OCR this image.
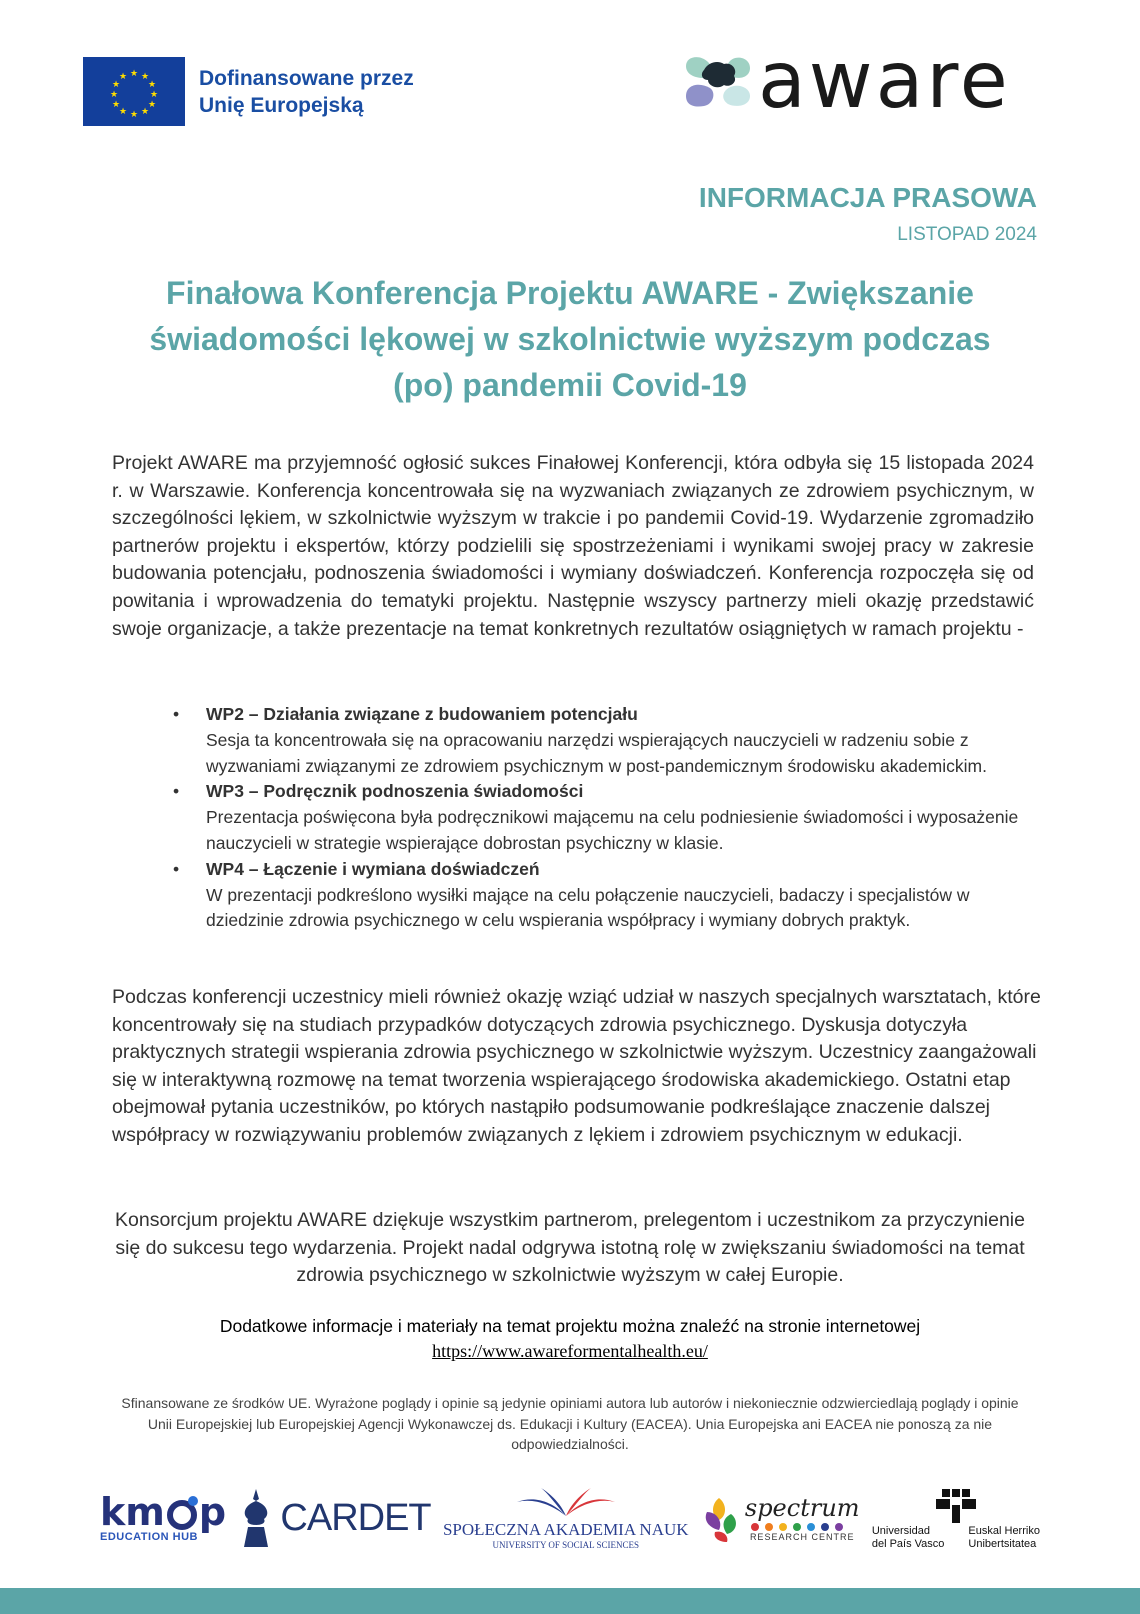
★ ★
★
★
★
★
★
★
★
★
★
★	Dofinansowane przez
Unię Europejską	aware
INFORMACJA PRASOWA
LISTOPAD 2024
Finałowa Konferencja Projektu AWARE - Zwiększanie
świadomości lękowej w szkolnictwie wyższym podczas
(po) pandemii Covid-19

Projekt AWARE ma przyjemność ogłosić sukces Finałowej Konferencji, która odbyła się 15 listopada 2024 r. w Warszawie. Konferencja koncentrowała się na wyzwaniach związanych ze zdrowiem psychicznym, w szczególności lękiem, w szkolnictwie wyższym w trakcie i po pandemii Covid-19. Wydarzenie zgromadziło partnerów projektu i ekspertów, którzy podzielili się spostrzeżeniami i wynikami swojej pracy w zakresie budowania potencjału, podnoszenia świadomości i wymiany doświadczeń. Konferencja rozpoczęła się od powitania i wprowadzenia do tematyki projektu. Następnie wszyscy partnerzy mieli okazję przedstawić swoje organizacje, a także prezentacje na temat konkretnych rezultatów osiągniętych w ramach projektu -

• WP2 – Działania związane z budowaniem potencjału
Sesja ta koncentrowała się na opracowaniu narzędzi wspierających nauczycieli w radzeniu sobie z wyzwaniami związanymi ze zdrowiem psychicznym w post-pandemicznym środowisku akademickim.
• WP3 – Podręcznik podnoszenia świadomości
Prezentacja poświęcona była podręcznikowi mającemu na celu podniesienie świadomości i wyposażenie nauczycieli w strategie wspierające dobrostan psychiczny w klasie.
• WP4 – Łączenie i wymiana doświadczeń
W prezentacji podkreślono wysiłki mające na celu połączenie nauczycieli, badaczy i specjalistów w dziedzinie zdrowia psychicznego w celu wspierania współpracy i wymiany dobrych praktyk.

Podczas konferencji uczestnicy mieli również okazję wziąć udział w naszych specjalnych warsztatach, które koncentrowały się na studiach przypadków dotyczących zdrowia psychicznego. Dyskusja dotyczyła praktycznych strategii wspierania zdrowia psychicznego w szkolnictwie wyższym. Uczestnicy zaangażowali się w interaktywną rozmowę na temat tworzenia wspierającego środowiska akademickiego. Ostatni etap obejmował pytania uczestników, po których nastąpiło podsumowanie podkreślające znaczenie dalszej współpracy w rozwiązywaniu problemów związanych z lękiem i zdrowiem psychicznym w edukacji.

Konsorcjum projektu AWARE dziękuje wszystkim partnerom, prelegentom i uczestnikom za przyczynienie się do sukcesu tego wydarzenia. Projekt nadal odgrywa istotną rolę w zwiększaniu świadomości na temat zdrowia psychicznego w szkolnictwie wyższym w całej Europie.

Dodatkowe informacje i materiały na temat projektu można znaleźć na stronie internetowej
https://www.awareformentalhealth.eu/
Sfinansowane ze środków UE. Wyrażone poglądy i opinie są jedynie opiniami autora lub autorów i niekoniecznie odzwierciedlają poglądy i opinie Unii Europejskiej lub Europejskiej Agencji Wykonawczej ds. Edukacji i Kultury (EACEA). Unia Europejska ani EACEA nie ponoszą za nie odpowiedzialności.
km p
EDUCATION HUB	CARDET SPOŁECZNA AKADEMIA NAUK
UNIVERSITY OF SOCIAL SCIENCES
spectrum
RESEARCH CENTRE	Universidad
del País Vasco
Euskal Herriko
Unibertsitatea
